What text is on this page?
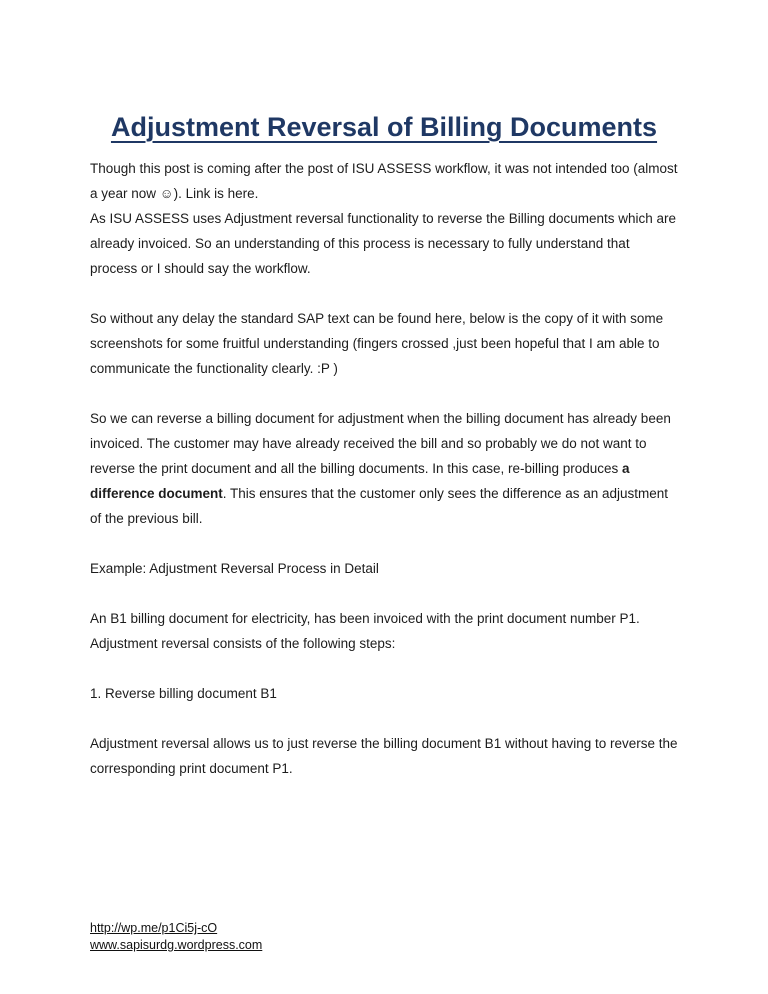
Adjustment Reversal of Billing Documents

Though this post is coming after the post of ISU ASSESS workflow, it was not intended too (almost a year now ☺). Link is here.

As ISU ASSESS uses Adjustment reversal functionality to reverse the Billing documents which are already invoiced. So an understanding of this process is necessary to fully understand that process or I should say the workflow.

So without any delay the standard SAP text can be found here, below is the copy of it with some screenshots for some fruitful understanding (fingers crossed ,just been hopeful that I am able to communicate the functionality clearly. :P )

So we can reverse a billing document for adjustment when the billing document has already been invoiced. The customer may have already received the bill and so probably we do not want to reverse the print document and all the billing documents. In this case, re-billing produces a difference document. This ensures that the customer only sees the difference as an adjustment of the previous bill.

Example: Adjustment Reversal Process in Detail

An B1 billing document for electricity, has been invoiced with the print document number P1. Adjustment reversal consists of the following steps:

1. Reverse billing document B1

Adjustment reversal allows us to just reverse the billing document B1 without having to reverse the corresponding print document P1.

http://wp.me/p1Ci5j-cO
www.sapisurdg.wordpress.com
